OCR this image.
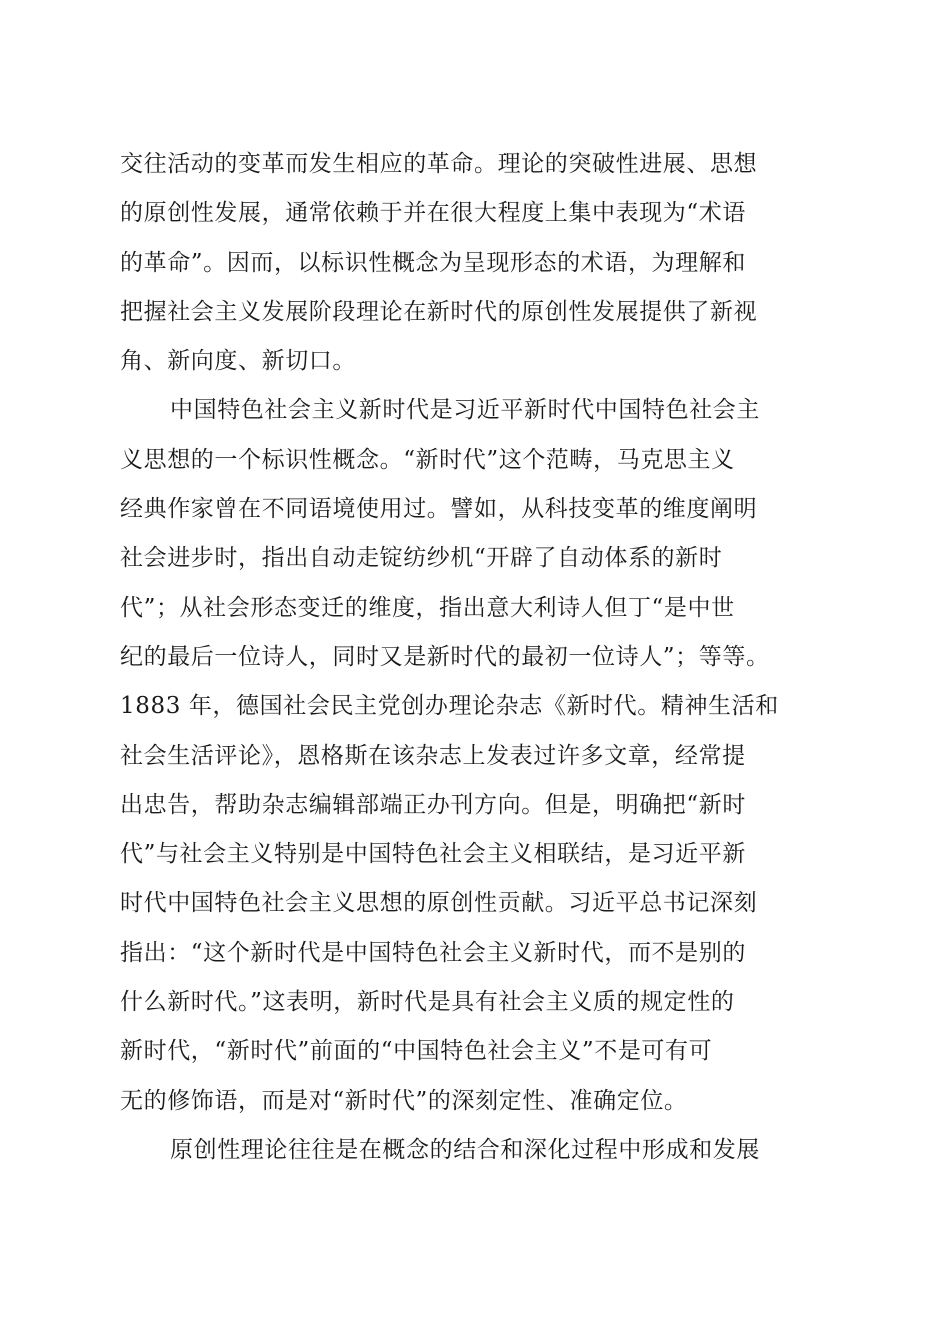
交往活动的变革而发生相应的革命。理论的突破性进展、思想
的原创性发展，通常依赖于并在很大程度上集中表现为“术语
的革命”。因而，以标识性概念为呈现形态的术语，为理解和
把握社会主义发展阶段理论在新时代的原创性发展提供了新视
角、新向度、新切口。
中国特色社会主义新时代是习近平新时代中国特色社会主
义思想的一个标识性概念。“新时代”这个范畴，马克思主义
经典作家曾在不同语境使用过。譬如，从科技变革的维度阐明
社会进步时，指出自动走锭纺纱机“开辟了自动体系的新时
代”；从社会形态变迁的维度，指出意大利诗人但丁“是中世
纪的最后一位诗人，同时又是新时代的最初一位诗人”；等等。
1883 年，德国社会民主党创办理论杂志《新时代。精神生活和
社会生活评论》，恩格斯在该杂志上发表过许多文章，经常提
出忠告，帮助杂志编辑部端正办刊方向。但是，明确把“新时
代”与社会主义特别是中国特色社会主义相联结，是习近平新
时代中国特色社会主义思想的原创性贡献。习近平总书记深刻
指出：“这个新时代是中国特色社会主义新时代，而不是别的
什么新时代。”这表明，新时代是具有社会主义质的规定性的
新时代，“新时代”前面的“中国特色社会主义”不是可有可
无的修饰语，而是对“新时代”的深刻定性、准确定位。
原创性理论往往是在概念的结合和深化过程中形成和发展
